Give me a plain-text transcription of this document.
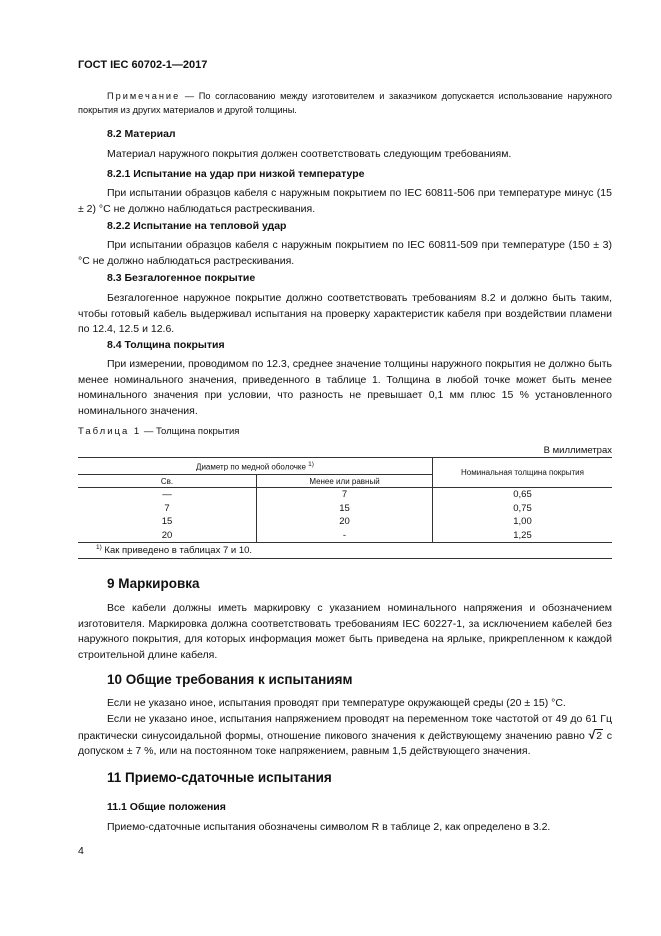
ГОСТ IEC 60702-1—2017
Примечание — По согласованию между изготовителем и заказчиком допускается использование наружного покрытия из других материалов и другой толщины.
8.2 Материал
Материал наружного покрытия должен соответствовать следующим требованиям.
8.2.1 Испытание на удар при низкой температуре
При испытании образцов кабеля с наружным покрытием по IEC 60811-506 при температуре минус (15 ± 2) °С не должно наблюдаться растрескивания.
8.2.2 Испытание на тепловой удар
При испытании образцов кабеля с наружным покрытием по IEC 60811-509 при температуре (150 ± 3) °С не должно наблюдаться растрескивания.
8.3 Безгалогенное покрытие
Безгалогенное наружное покрытие должно соответствовать требованиям 8.2 и должно быть таким, чтобы готовый кабель выдерживал испытания на проверку характеристик кабеля при воздействии пламени по 12.4, 12.5 и 12.6.
8.4 Толщина покрытия
При измерении, проводимом по 12.3, среднее значение толщины наружного покрытия не должно быть менее номинального значения, приведенного в таблице 1. Толщина в любой точке может быть менее номинального значения при условии, что разность не превышает 0,1 мм плюс 15 % установленного номинального значения.
Таблица 1 — Толщина покрытия
В миллиметрах
Диаметр по медной оболочке $^{1)}$		Номинальная толщина покрытия
Св.	Менее или равный	
—	7	0,65
7	15	0,75
15	20	1,00
20	-	1,25
$^{1)}$ Как приведено в таблицах 7 и 10.		
9 Маркировка
Все кабели должны иметь маркировку с указанием номинального напряжения и обозначением изготовителя. Маркировка должна соответствовать требованиям IEC 60227-1, за исключением кабелей без наружного покрытия, для которых информация может быть приведена на ярлыке, прикрепленном к каждой строительной длине кабеля.
10 Общие требования к испытаниям
Если не указано иное, испытания проводят при температуре окружающей среды (20 ± 15) °С.
Если не указано иное, испытания напряжением проводят на переменном токе частотой от 49 до 61 Гц практически синусоидальной формы, отношение пикового значения к действующему значению равно √2 с допуском ± 7 %, или на постоянном токе напряжением, равным 1,5 действующего значения.
11 Приемо-сдаточные испытания
11.1 Общие положения
Приемо-сдаточные испытания обозначены символом R в таблице 2, как определено в 3.2.
4
